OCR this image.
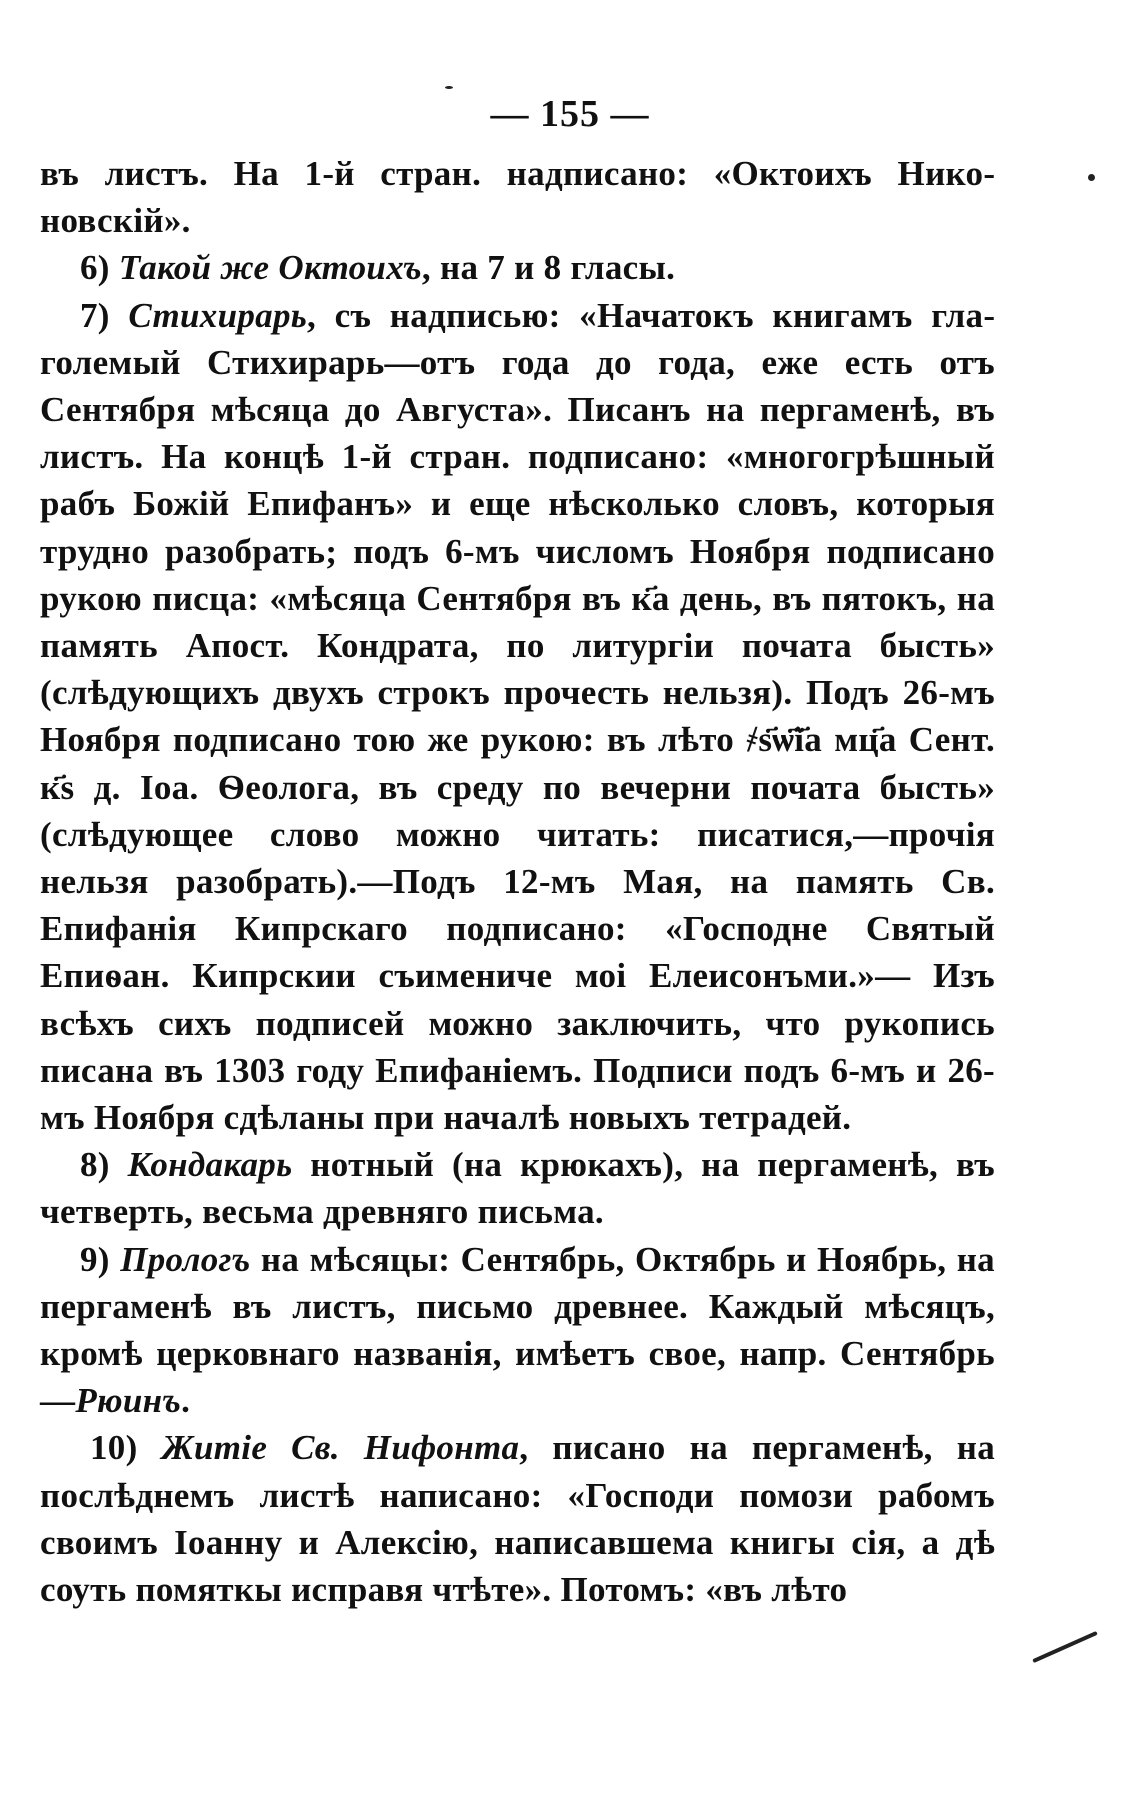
— 155 —

въ листъ. На 1-й стран. надписано: «Октоихъ Никоновскій».

6) Такой же Октоихъ, на 7 и 8 гласы.

7) Стихирарь, съ надписью: «Начатокъ книгамъ глаголемый Стихирарь—отъ года до года, еже есть отъ Сентября мѣсяца до Августа». Писанъ на пергаменѣ, въ листъ. На концѣ 1-й стран. подписано: «многогрѣшный рабъ Божій Епифанъ» и еще нѣсколько словъ, которыя трудно разобрать; подъ 6-мъ числомъ Ноября подписано рукою писца: «мѣсяца Сентября въ к҃а день, въ пятокъ, на память Апост. Кондрата, по литургіи почата бысть» (слѣдующихъ двухъ строкъ прочесть нельзя). Подъ 26-мъ Ноября подписано тою же рукою: въ лѣто ҂ѕ҃ѡ҃ї҃а мц҃а Сент. к҃ѕ д. Іоа. Ѳеолога, въ среду по вечерни почата бысть» (слѣдующее слово можно читать: писатися,—прочія нельзя разобрать).—Подъ 12-мъ Мая, на память Св. Епифанія Кипрскаго подписано: «Господне Святый Епиѳан. Кипрскии съимениче моі Елеисонъми.»— Изъ всѣхъ сихъ подписей можно заключить, что рукопись писана въ 1303 году Епифаніемъ. Подписи подъ 6-мъ и 26-мъ Ноября сдѣланы при началѣ новыхъ тетрадей.

8) Кондакарь нотный (на крюкахъ), на пергаменѣ, въ четверть, весьма древняго письма.

9) Прологъ на мѣсяцы: Сентябрь, Октябрь и Ноябрь, на пергаменѣ въ листъ, письмо древнее. Каждый мѣсяцъ, кромѣ церковнаго названія, имѣетъ свое, напр. Сентябрь—Рюинъ.

10) Житіе Св. Нифонта, писано на пергаменѣ, на послѣднемъ листѣ написано: «Господи помози рабомъ своимъ Іоанну и Алексію, написавшема книгы сія, а дѣ соуть помяткы исправя чтѣте». Потомъ: «въ лѣто
